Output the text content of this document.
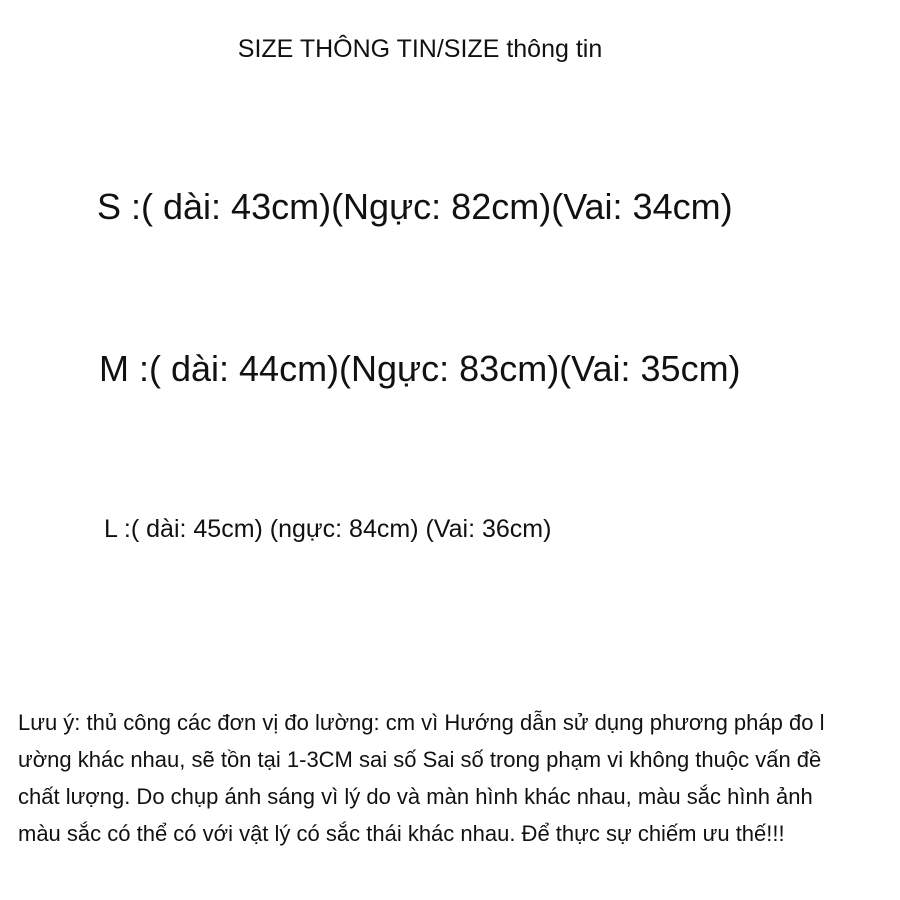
SIZE THÔNG TIN/SIZE thông tin
S :( dài: 43cm)(Ngực: 82cm)(Vai: 34cm)
M :( dài: 44cm)(Ngực: 83cm)(Vai: 35cm)
L :( dài: 45cm) (ngực: 84cm) (Vai: 36cm)
Lưu ý: thủ công các đơn vị đo lường: cm vì Hướng dẫn sử dụng phương pháp đo l
ường khác nhau, sẽ tồn tại 1-3CM sai số Sai số trong phạm vi không thuộc vấn đề
chất lượng. Do chụp ánh sáng vì lý do và màn hình khác nhau, màu sắc hình ảnh
màu sắc có thể có với vật lý có sắc thái khác nhau. Để thực sự chiếm ưu thế!!!
